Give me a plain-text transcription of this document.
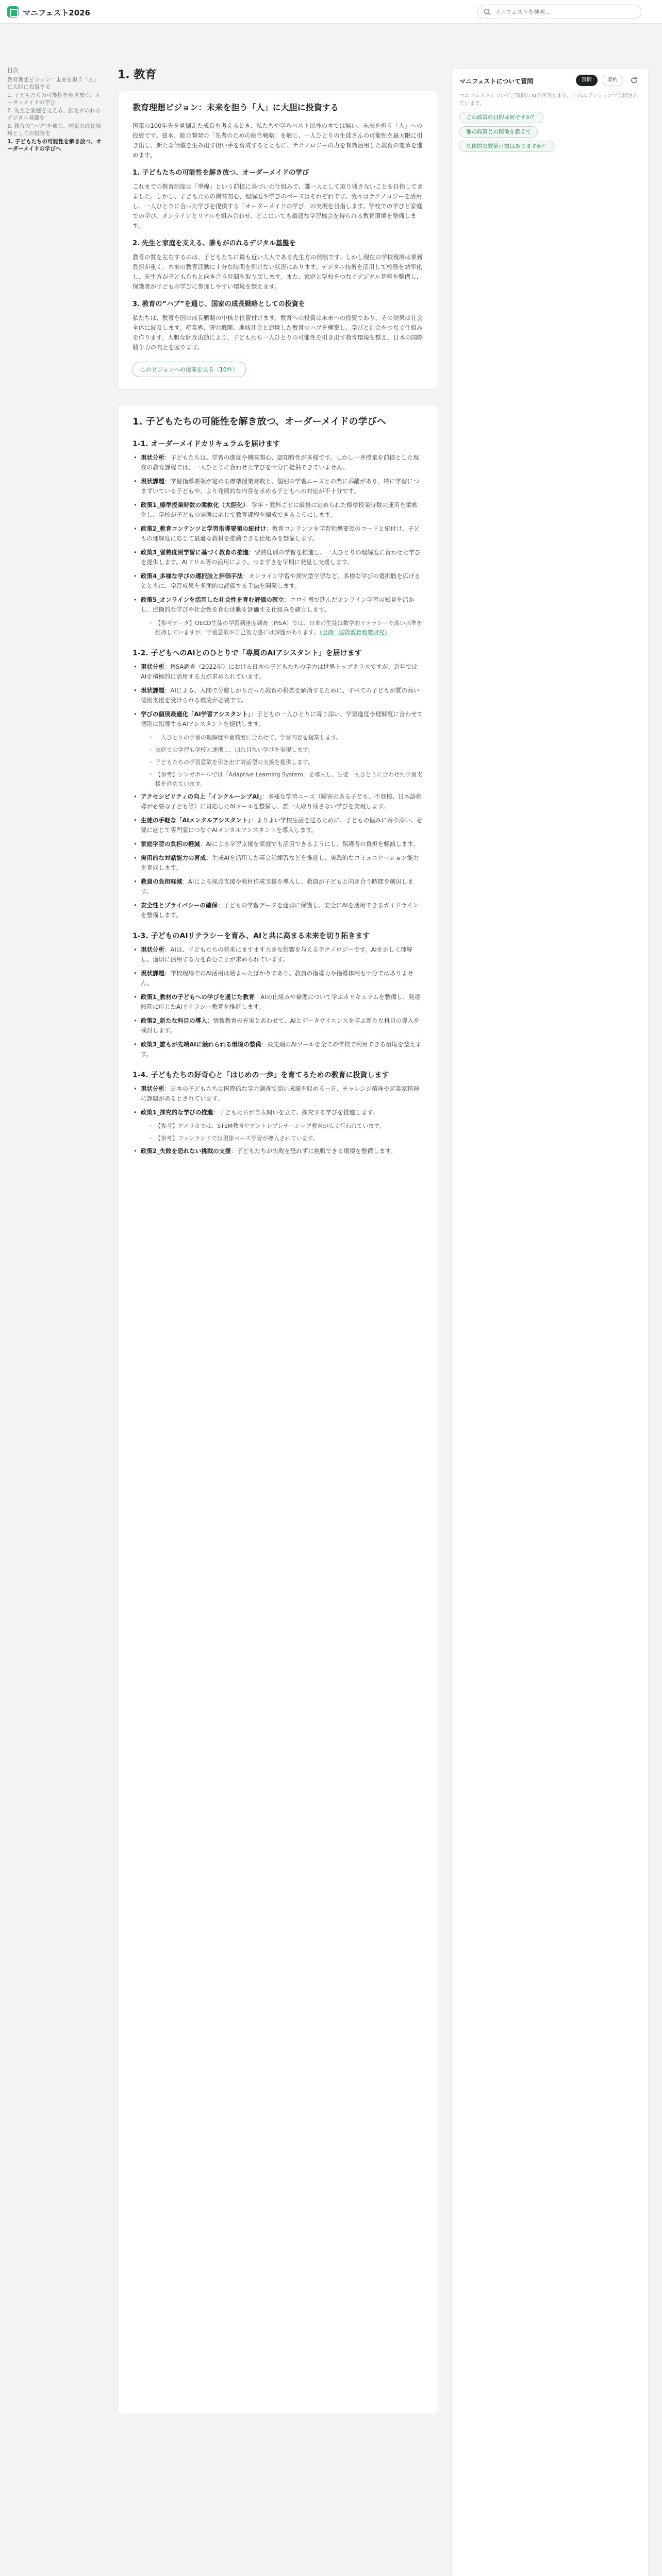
マニフェスト2026
マニフェストを検索...
目次
教育理想ビジョン：未来を担う「人」に大胆に投資する
1. 子どもたちの可能性を解き放つ、オーダーメイドの学び
2. 先生と家庭を支える、誰もがのれるデジタル基盤を
3. 教育の“ハブ”を通じ、国家の成長戦略としての投資を
1. 子どもたちの可能性を解き放つ、オーダーメイドの学びへ
1. 教育
教育理想ビジョン：未来を担う「人」に大胆に投資する

国家の100年先を見据えた成長を考えるとき、私たちや学ちベスト以外の本では無い、未来を担う「人」への投資です。資本、能力開発の「先者のための総合戦略」を通じ、一人ひとりの生徒さんの可能性を最大限に引き出し、新たな価値を生み出す担い手を育成するとともに、テクノロジーの力を有効活用した教育の変革を進めます。

1. 子どもたちの可能性を解き放つ、オーダーメイドの学び

これまでの教育制度は「単線」という前提に基づいた仕組みで、誰一人として取り残さないことを目指してきました。しかし、子どもたちの興味関心、理解度や学びのペースはそれぞれです。我々はテクノロジーを活用し、一人ひとりに合った学びを提供する「オーダーメイドの学び」の実現を目指します。学校での学びと家庭での学び、オンラインとリアルを組み合わせ、どこにいても最適な学習機会を得られる教育環境を整備します。

2. 先生と家庭を支える、誰もがのれるデジタル基盤を

教育の質を左右するのは、子どもたちに最も近い大人である先生方の情熱です。しかし現在の学校現場は業務負担が重く、本来の教育活動に十分な時間を割けない状況にあります。デジタル技術を活用して校務を効率化し、先生方が子どもたちと向き合う時間を取り戻します。また、家庭と学校をつなぐデジタル基盤を整備し、保護者が子どもの学びに参加しやすい環境を整えます。

3. 教育の“ハブ”を通じ、国家の成長戦略としての投資を

私たちは、教育を国の成長戦略の中核と位置付けます。教育への投資は未来への投資であり、その効果は社会全体に波及します。産業界、研究機関、地域社会と連携した教育のハブを構築し、学びと社会をつなぐ仕組みを作ります。大胆な財政出動により、子どもたち一人ひとりの可能性を引き出す教育環境を整え、日本の国際競争力の向上を図ります。

このビジョンへの提案を見る（10件）
1. 子どもたちの可能性を解き放つ、オーダーメイドの学びへ
1-1. オーダーメイドカリキュラムを届けます
• 現状分析：子どもたちは、学習の進度や興味関心、認知特性が多様です。しかし一斉授業を前提とした現在の教育課程では、一人ひとりに合わせた学びを十分に提供できていません。
• 現状課題：学習指導要領が定める標準授業時数と、個別の学習ニーズとの間に乖離があり、特に学習につまずいている子どもや、より発展的な内容を求める子どもへの対応が不十分です。
• 政策1_標準授業時数の柔軟化（大胆化）：学年・教科ごとに厳格に定められた標準授業時数の運用を柔軟化し、学校が子どもの実態に応じて教育課程を編成できるようにします。
• 政策2_教育コンテンツと学習指導要領の紐付け：教育コンテンツを学習指導要領のコードと紐付け、子どもの理解度に応じて最適な教材を推薦できる仕組みを整備します。
• 政策3_習熟度別学習に基づく教育の推進：習熟度別の学習を推進し、一人ひとりの理解度に合わせた学びを提供します。AIドリル等の活用により、つまずきを早期に発見し支援します。
• 政策4_多様な学びの選択肢と評価手法：オンライン学習や探究型学習など、多様な学びの選択肢を広げるとともに、学習成果を多面的に評価する手法を開発します。
• 政策5_オンラインを活用した社会性を育む評価の確立：コロナ禍で進んだオンライン学習の知見を活かし、協働的な学びや社会性を育む活動を評価する仕組みを確立します。
◦ 【参考データ】OECD生徒の学習到達度調査（PISA）では、日本の生徒は数学的リテラシーで高い水準を維持していますが、学習意欲や自己効力感には課題があります。（出典：国際教育政策研究）
1-2. 子どもへのAIとのひとりで「専属のAIアシスタント」を届けます
• 現状分析：PISA調査（2022年）における日本の子どもたちの学力は世界トップクラスですが、近年ではAIを積極的に活用する力が求められています。
• 現状課題：AIによる、入間で分離しがちだった教育の格差を解消するために、すべての子どもが質の高い個別支援を受けられる環境が必要です。
• 学びの個別最適化「AI学習アシスタント」：子どもの一人ひとりに寄り添い、学習進度や理解度に合わせて個別に指導するAIアシスタントを提供します。
◦ 一人ひとりの学習の理解度や習熟度に合わせて、学習内容を提案します。
◦ 家庭での学習も学校と連携し、切れ目ない学びを実現します。
◦ 子どもたちの学習意欲を引き出す対話型の支援を提供します。
◦ 【参考】シンガポールでは「Adaptive Learning System」を導入し、生徒一人ひとりに合わせた学習支援を進めています。
• アクセシビリティの向上「インクルーシブAI」：多様な学習ニーズ（障害のある子ども、不登校、日本語指導が必要な子ども等）に対応したAIツールを整備し、誰一人取り残さない学びを実現します。
• 生徒の手軽な「AIメンタルアシスタント」：よりよい学校生活を送るために、子どもの悩みに寄り添い、必要に応じて専門家につなぐAIメンタルアシスタントを導入します。
• 家庭学習の負担の軽減：AIによる学習支援を家庭でも活用できるようにし、保護者の負担を軽減します。
• 実用的な対話能力の育成：生成AIを活用した英会話練習などを推進し、実践的なコミュニケーション能力を育成します。
• 教員の負担軽減：AIによる採点支援や教材作成支援を導入し、教員が子どもと向き合う時間を創出します。
• 安全性とプライバシーの確保：子どもの学習データを適切に保護し、安全にAIを活用できるガイドラインを整備します。
1-3. 子どものAIリテラシーを育み、AIと共に高まる未来を切り拓きます
• 現状分析：AIは、子どもたちの将来にますます大きな影響を与えるテクノロジーです。AIを正しく理解し、適切に活用する力を育むことが求められています。
• 現状課題：学校現場でのAI活用は始まったばかりであり、教員の指導力や指導体制も十分ではありません。
• 政策1_教材の子どもへの学びを通じた教育：AIの仕組みや倫理について学ぶカリキュラムを整備し、発達段階に応じたAIリテラシー教育を推進します。
• 政策2_新たな科目の導入：情報教育の充実とあわせて、AIとデータサイエンスを学ぶ新たな科目の導入を検討します。
• 政策3_誰もが先端AIに触れられる環境の整備：最先端のAIツールを全ての学校で利用できる環境を整えます。
1-4. 子どもたちの好奇心と「はじめの一歩」を育てるための教育に投資します
• 現状分析：日本の子どもたちは国際的な学力調査で高い成績を収める一方、チャレンジ精神や起業家精神に課題があるとされています。
• 政策1_探究的な学びの推進：子どもたちが自ら問いを立て、探究する学びを推進します。
◦ 【参考】アメリカでは、STEM教育やアントレプレナーシップ教育が広く行われています。
◦ 【参考】フィンランドでは現象ベース学習が導入されています。
• 政策2_失敗を恐れない挑戦の支援：子どもたちが失敗を恐れずに挑戦できる環境を整備します。
マニフェストについて質問	質問	要約
マニフェストについてご質問にAIが回答します。このエディションで公開されています。
この政策の目的は何ですか？
他の政策との関係を教えて
具体的な数値目標はありますか？
